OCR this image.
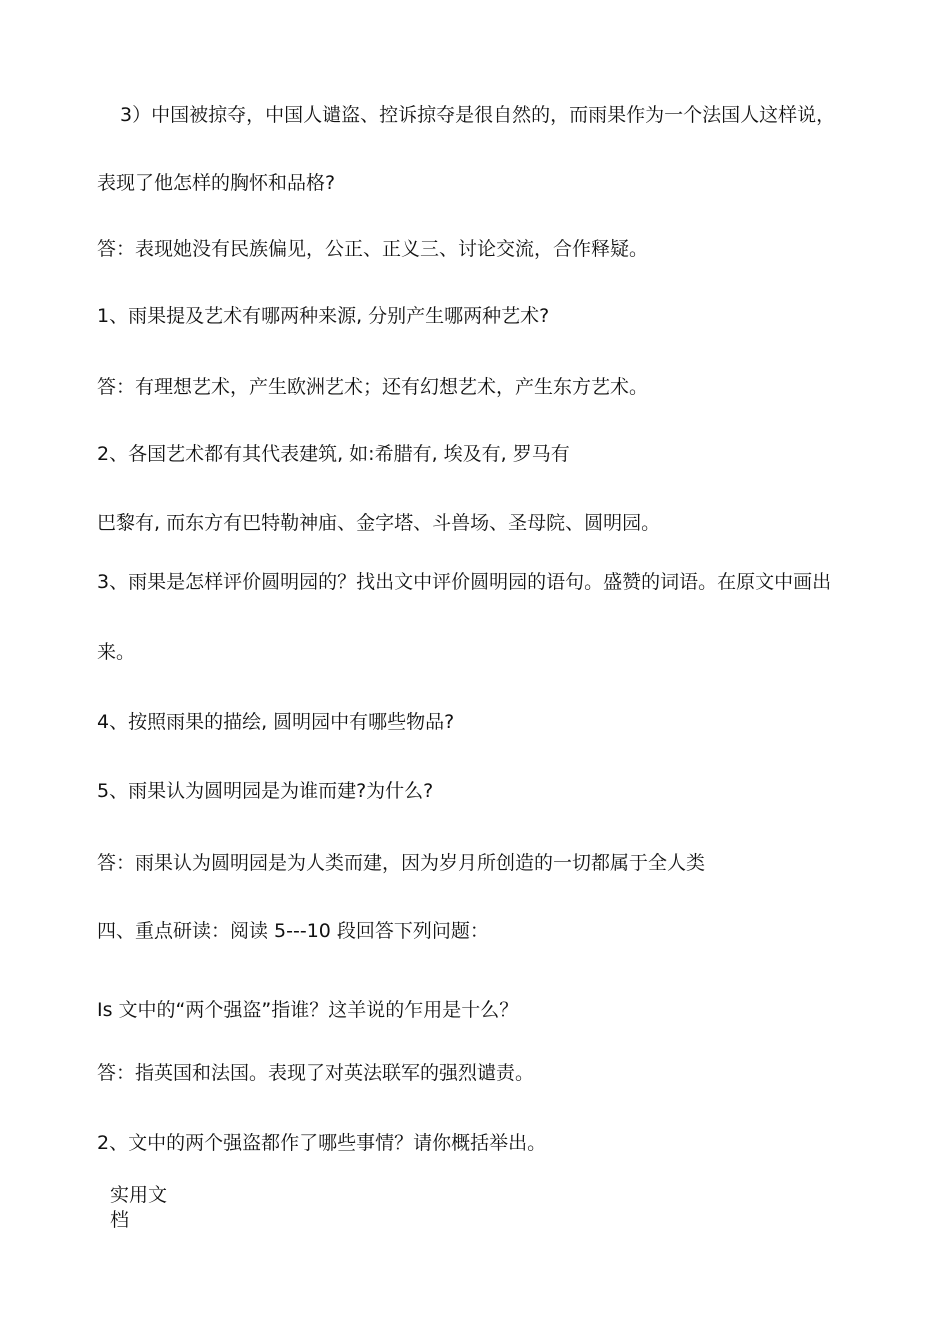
3）中国被掠夺，中国人谴盗、控诉掠夺是很自然的，而雨果作为一个法国人这样说，
表现了他怎样的胸怀和品格?
答：表现她没有民族偏见，公正、正义三、讨论交流，合作释疑。
1、雨果提及艺术有哪两种来源, 分别产生哪两种艺术?
答：有理想艺术，产生欧洲艺术；还有幻想艺术，产生东方艺术。
2、各国艺术都有其代表建筑, 如:希腊有, 埃及有, 罗马有
巴黎有, 而东方有巴特勒神庙、金字塔、斗兽场、圣母院、圆明园。
3、雨果是怎样评价圆明园的？找出文中评价圆明园的语句。盛赞的词语。在原文中画出
来。
4、按照雨果的描绘, 圆明园中有哪些物品?
5、雨果认为圆明园是为谁而建?为什么?
答：雨果认为圆明园是为人类而建，因为岁月所创造的一切都属于全人类
四、重点研读：阅读 5---10 段回答下列问题：
Is 文中的“两个强盗”指谁？这羊说的乍用是十么？
答：指英国和法国。表现了对英法联军的强烈谴责。
2、文中的两个强盗都作了哪些事情？请你概括举出。
实用文
档
